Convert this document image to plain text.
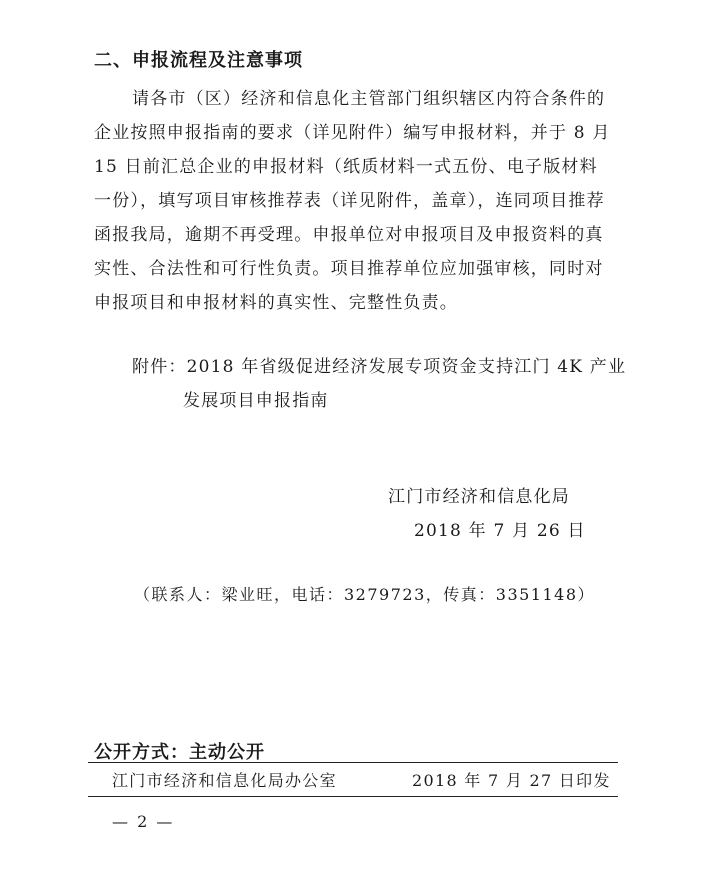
二、申报流程及注意事项
请各市（区）经济和信息化主管部门组织辖区内符合条件的
企业按照申报指南的要求（详见附件）编写申报材料，并于 8 月
15 日前汇总企业的申报材料（纸质材料一式五份、电子版材料
一份），填写项目审核推荐表（详见附件，盖章），连同项目推荐
函报我局，逾期不再受理。申报单位对申报项目及申报资料的真
实性、合法性和可行性负责。项目推荐单位应加强审核，同时对
申报项目和申报材料的真实性、完整性负责。
附件：2018 年省级促进经济发展专项资金支持江门 4K 产业
发展项目申报指南
江门市经济和信息化局
2018 年 7 月 26 日
（联系人：梁业旺，电话：3279723，传真：3351148）
公开方式：主动公开
江门市经济和信息化局办公室	2018 年 7 月 27 日印发
— 2 —
